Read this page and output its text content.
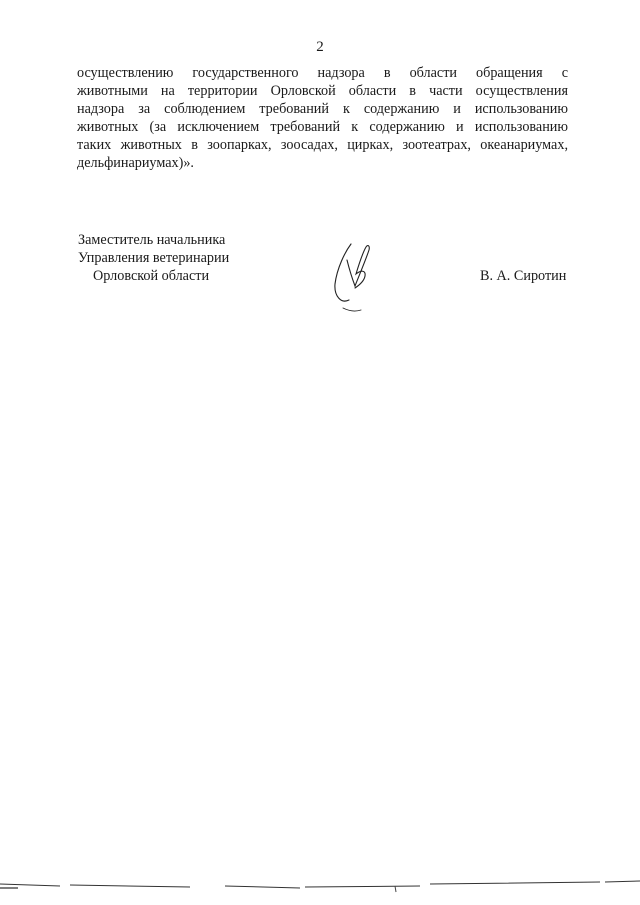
2
осуществлению государственного надзора в области обращения с
животными на территории Орловской области в части осуществления
надзора за соблюдением требований к содержанию и использованию
животных (за исключением требований к содержанию и использованию
таких животных в зоопарках, зоосадах, цирках, зоотеатрах, океанариумах,
дельфинариумах)».
Заместитель начальника
Управления ветеринарии
Орловской области	В. А. Сиротин
